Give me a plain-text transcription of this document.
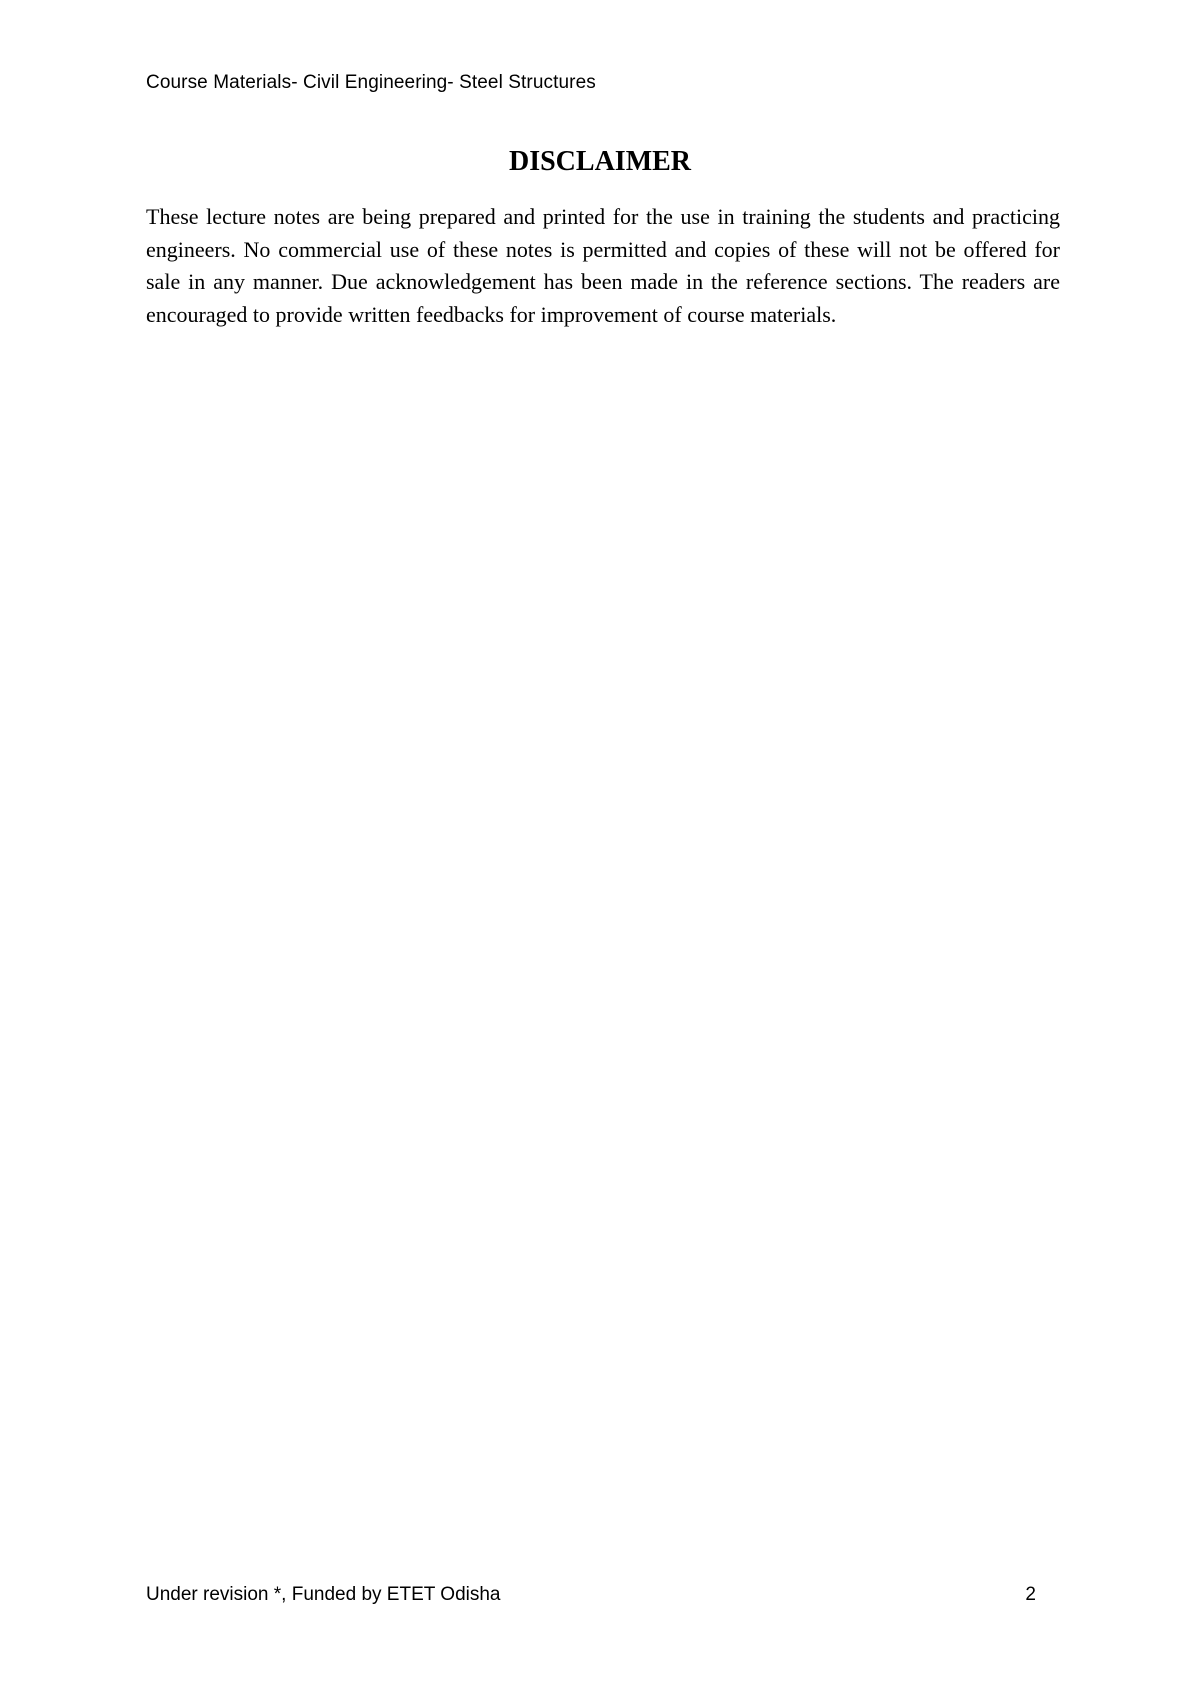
Course Materials- Civil Engineering- Steel Structures
DISCLAIMER

These lecture notes are being prepared and printed for the use in training the students and practicing engineers. No commercial use of these notes is permitted and copies of these will not be offered for sale in any manner. Due acknowledgement has been made in the reference sections. The readers are encouraged to provide written feedbacks for improvement of course materials.

Under revision *, Funded by ETET Odisha	2
